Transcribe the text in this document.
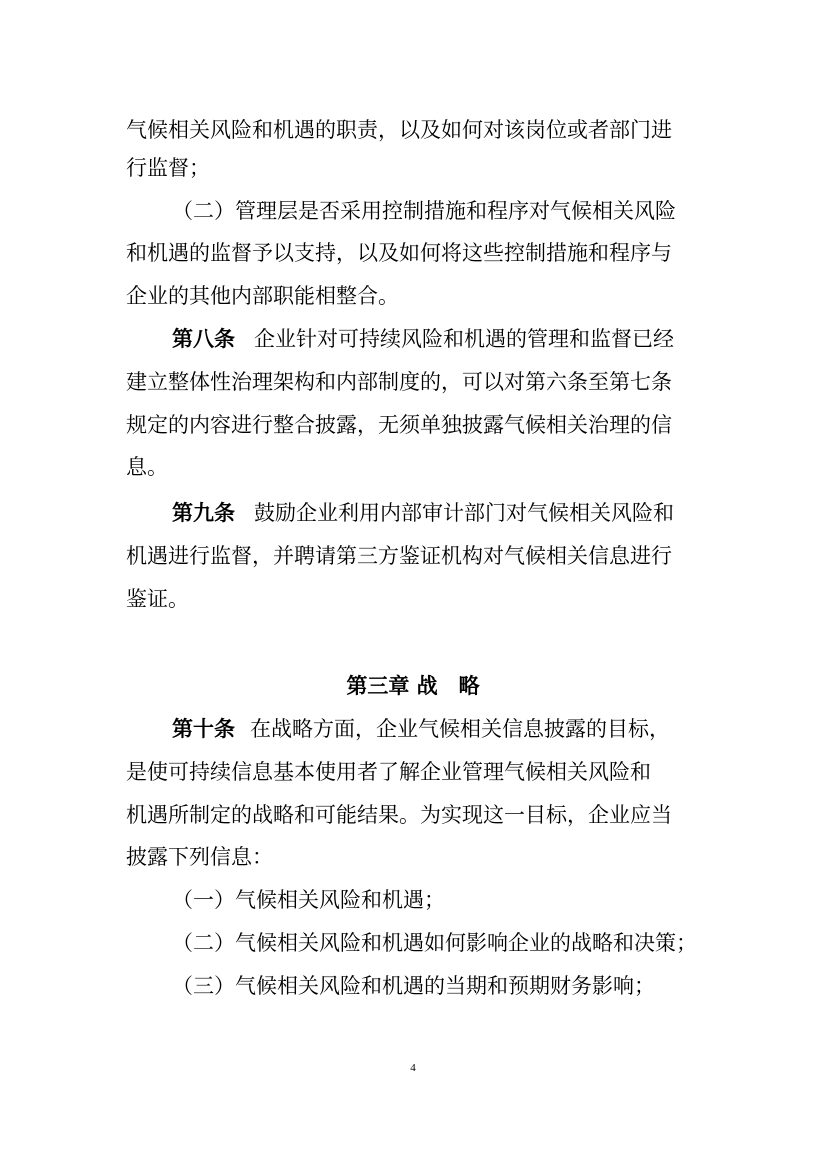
气候相关风险和机遇的职责，以及如何对该岗位或者部门进
行监督；
（二）管理层是否采用控制措施和程序对气候相关风险
和机遇的监督予以支持，以及如何将这些控制措施和程序与
企业的其他内部职能相整合。
第八条 企业针对可持续风险和机遇的管理和监督已经
建立整体性治理架构和内部制度的，可以对第六条至第七条
规定的内容进行整合披露，无须单独披露气候相关治理的信
息。
第九条 鼓励企业利用内部审计部门对气候相关风险和
机遇进行监督，并聘请第三方鉴证机构对气候相关信息进行
鉴证。
第三章 战　略
第十条 在战略方面，企业气候相关信息披露的目标，
是使可持续信息基本使用者了解企业管理气候相关风险和
机遇所制定的战略和可能结果。为实现这一目标，企业应当
披露下列信息：
（一）气候相关风险和机遇；
（二）气候相关风险和机遇如何影响企业的战略和决策；
（三）气候相关风险和机遇的当期和预期财务影响；
4
